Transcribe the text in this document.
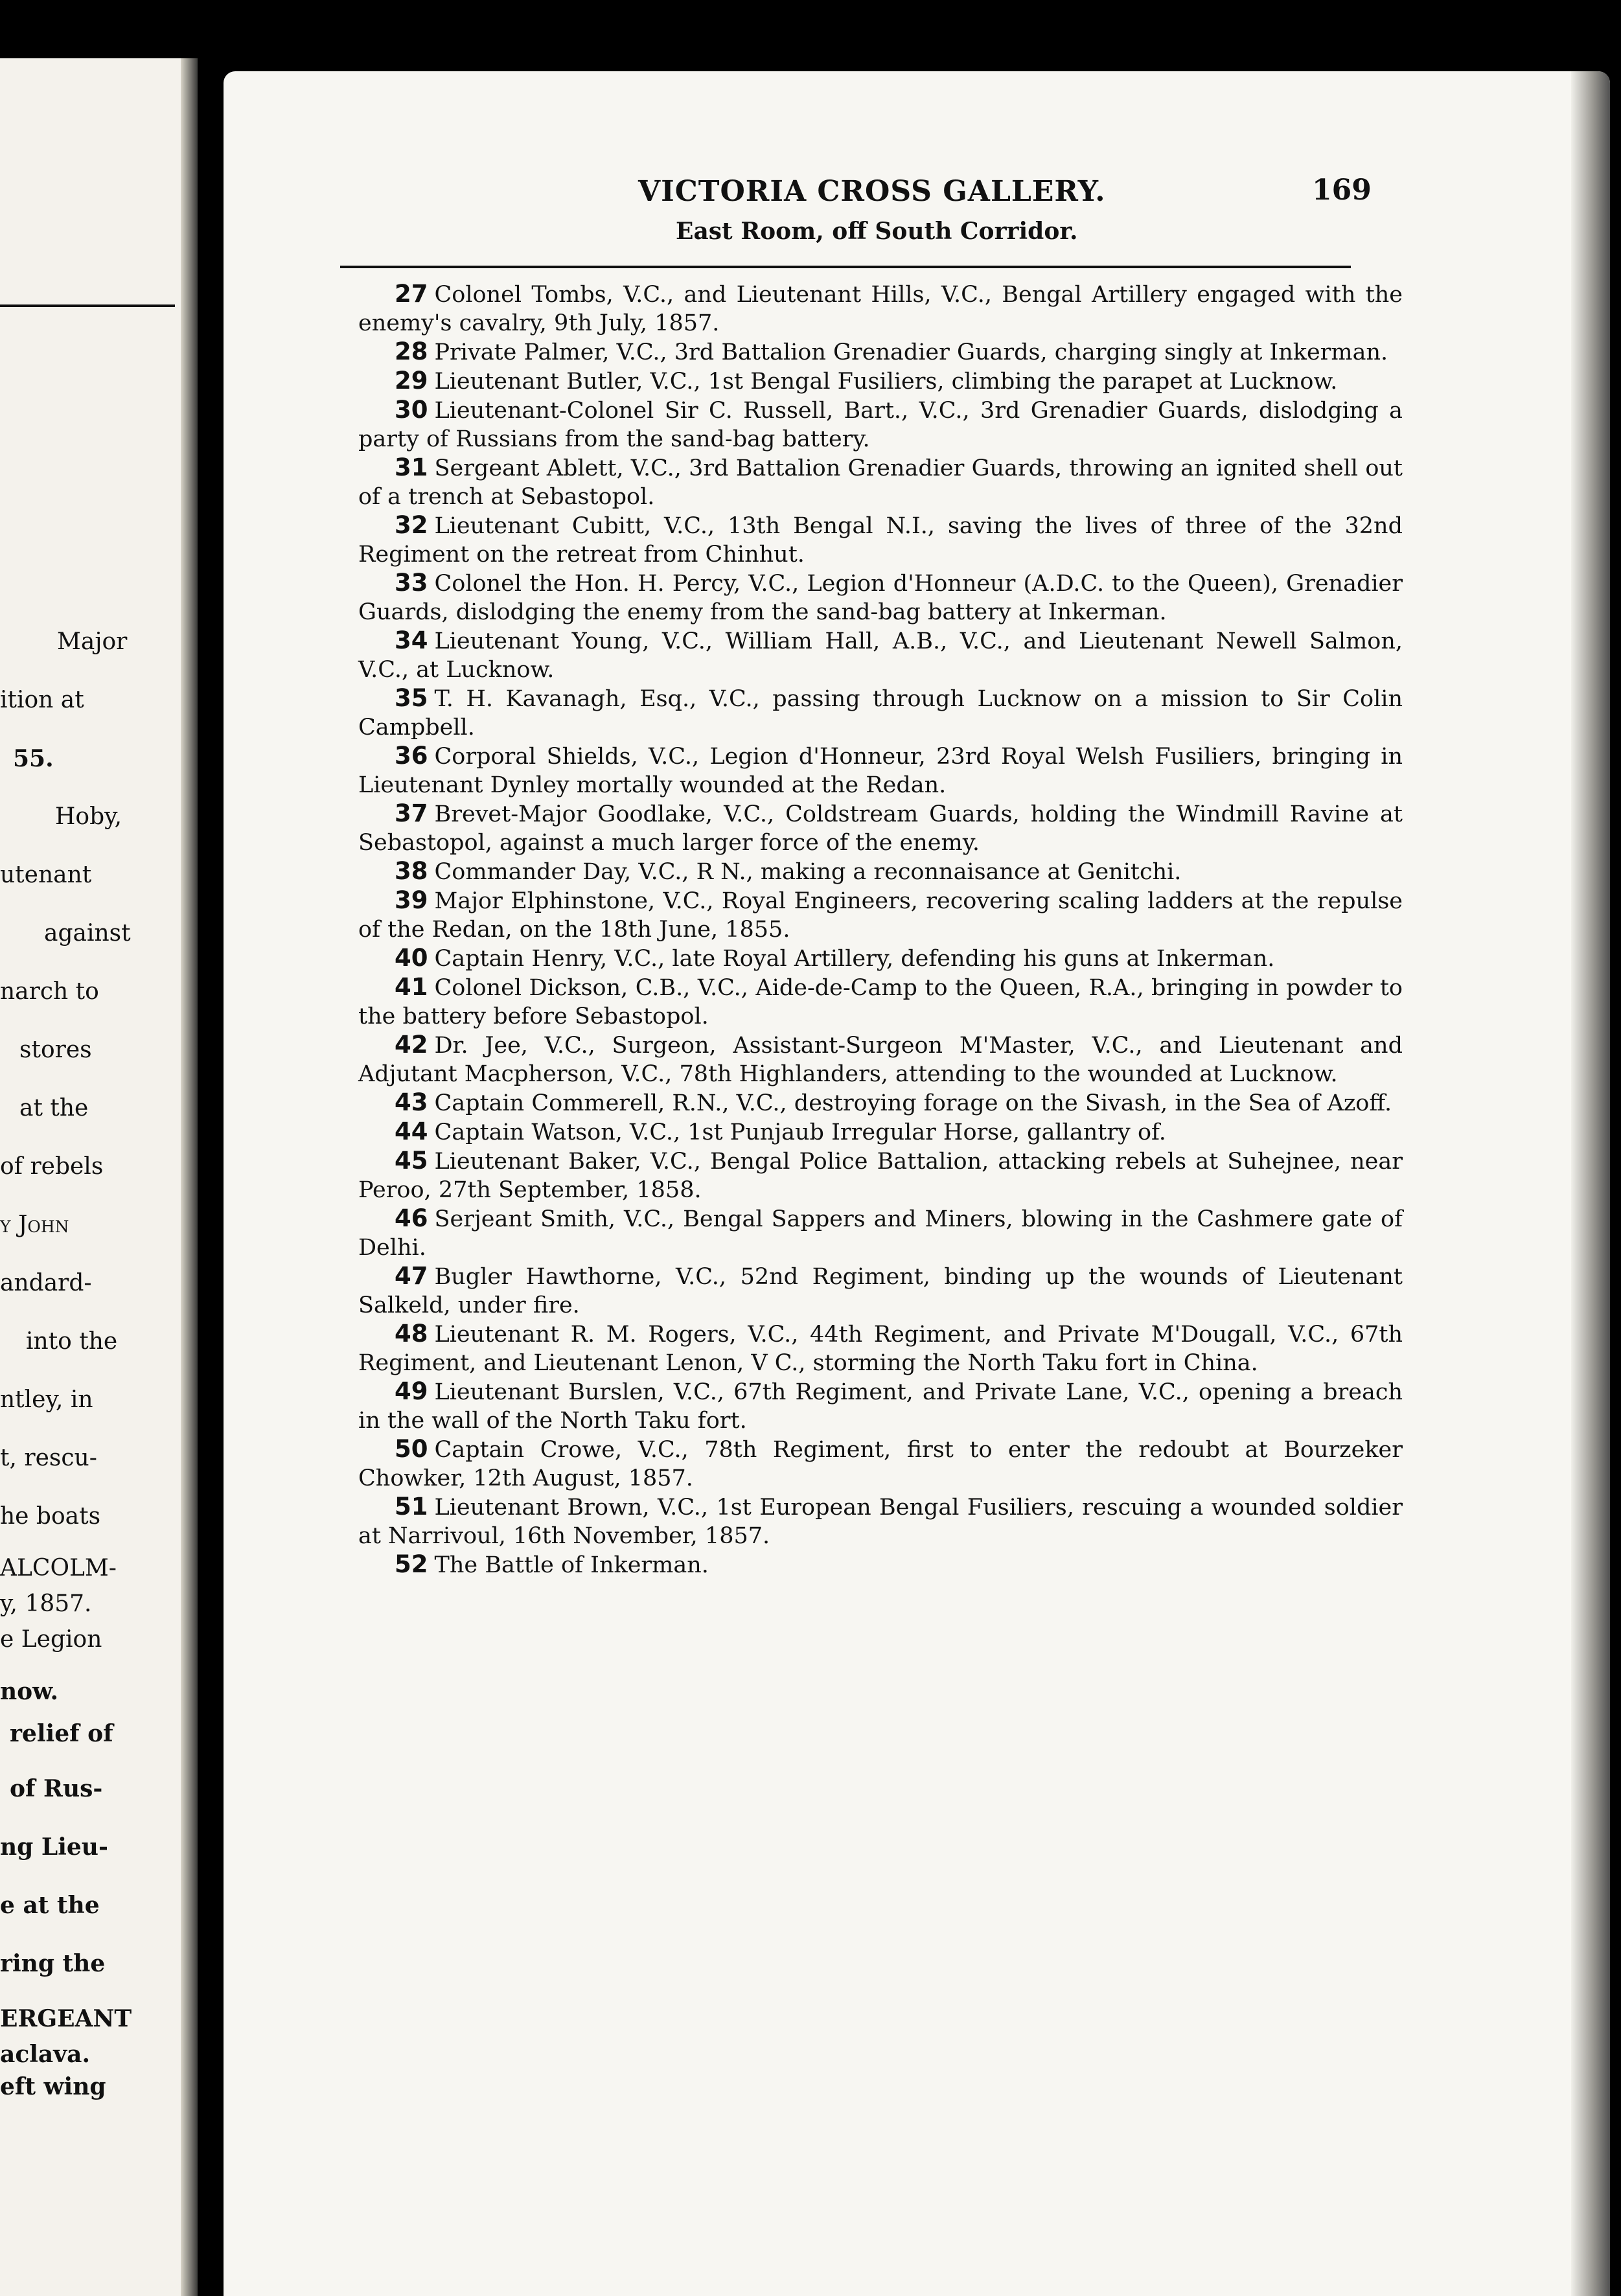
Major
ition at
55.
Hoby,
utenant
against
narch to
stores
at the
of rebels
y John
andard-
into the
ntley, in
t, rescu-
he boats
ALCOLM-
y, 1857.
e Legion
now.
relief of
of Rus-
ng Lieu-
e at the
ring the
ERGEANT
aclava.
eft wing
VICTORIA CROSS GALLERY.	169
East Room, off South Corridor.
27 Colonel Tombs, V.C., and Lieutenant Hills, V.C., Bengal Artillery engaged with the enemy's cavalry, 9th July, 1857.
28 Private Palmer, V.C., 3rd Battalion Grenadier Guards, charging singly at Inkerman.
29 Lieutenant Butler, V.C., 1st Bengal Fusiliers, climbing the parapet at Lucknow.
30 Lieutenant-Colonel Sir C. Russell, Bart., V.C., 3rd Grenadier Guards, dislodging a party of Russians from the sand-bag battery.
31 Sergeant Ablett, V.C., 3rd Battalion Grenadier Guards, throwing an ignited shell out of a trench at Sebastopol.
32 Lieutenant Cubitt, V.C., 13th Bengal N.I., saving the lives of three of the 32nd Regiment on the retreat from Chinhut.
33 Colonel the Hon. H. Percy, V.C., Legion d'Honneur (A.D.C. to the Queen), Grenadier Guards, dislodging the enemy from the sand-bag battery at Inkerman.
34 Lieutenant Young, V.C., William Hall, A.B., V.C., and Lieutenant Newell Salmon, V.C., at Lucknow.
35 T. H. Kavanagh, Esq., V.C., passing through Lucknow on a mission to Sir Colin Campbell.
36 Corporal Shields, V.C., Legion d'Honneur, 23rd Royal Welsh Fusiliers, bringing in Lieutenant Dynley mortally wounded at the Redan.
37 Brevet-Major Goodlake, V.C., Coldstream Guards, holding the Windmill Ravine at Sebastopol, against a much larger force of the enemy.
38 Commander Day, V.C., R N., making a reconnaisance at Genitchi.
39 Major Elphinstone, V.C., Royal Engineers, recovering scaling ladders at the repulse of the Redan, on the 18th June, 1855.
40 Captain Henry, V.C., late Royal Artillery, defending his guns at Inkerman.
41 Colonel Dickson, C.B., V.C., Aide-de-Camp to the Queen, R.A., bringing in powder to the battery before Sebastopol.
42 Dr. Jee, V.C., Surgeon, Assistant-Surgeon M'Master, V.C., and Lieutenant and Adjutant Macpherson, V.C., 78th Highlanders, attending to the wounded at Lucknow.
43 Captain Commerell, R.N., V.C., destroying forage on the Sivash, in the Sea of Azoff.
44 Captain Watson, V.C., 1st Punjaub Irregular Horse, gallantry of.
45 Lieutenant Baker, V.C., Bengal Police Battalion, attacking rebels at Suhejnee, near Peroo, 27th September, 1858.
46 Serjeant Smith, V.C., Bengal Sappers and Miners, blowing in the Cashmere gate of Delhi.
47 Bugler Hawthorne, V.C., 52nd Regiment, binding up the wounds of Lieutenant Salkeld, under fire.
48 Lieutenant R. M. Rogers, V.C., 44th Regiment, and Private M'Dougall, V.C., 67th Regiment, and Lieutenant Lenon, V C., storming the North Taku fort in China.
49 Lieutenant Burslen, V.C., 67th Regiment, and Private Lane, V.C., opening a breach in the wall of the North Taku fort.
50 Captain Crowe, V.C., 78th Regiment, first to enter the redoubt at Bourzeker Chowker, 12th August, 1857.
51 Lieutenant Brown, V.C., 1st European Bengal Fusiliers, rescuing a wounded soldier at Narrivoul, 16th November, 1857.
52 The Battle of Inkerman.
